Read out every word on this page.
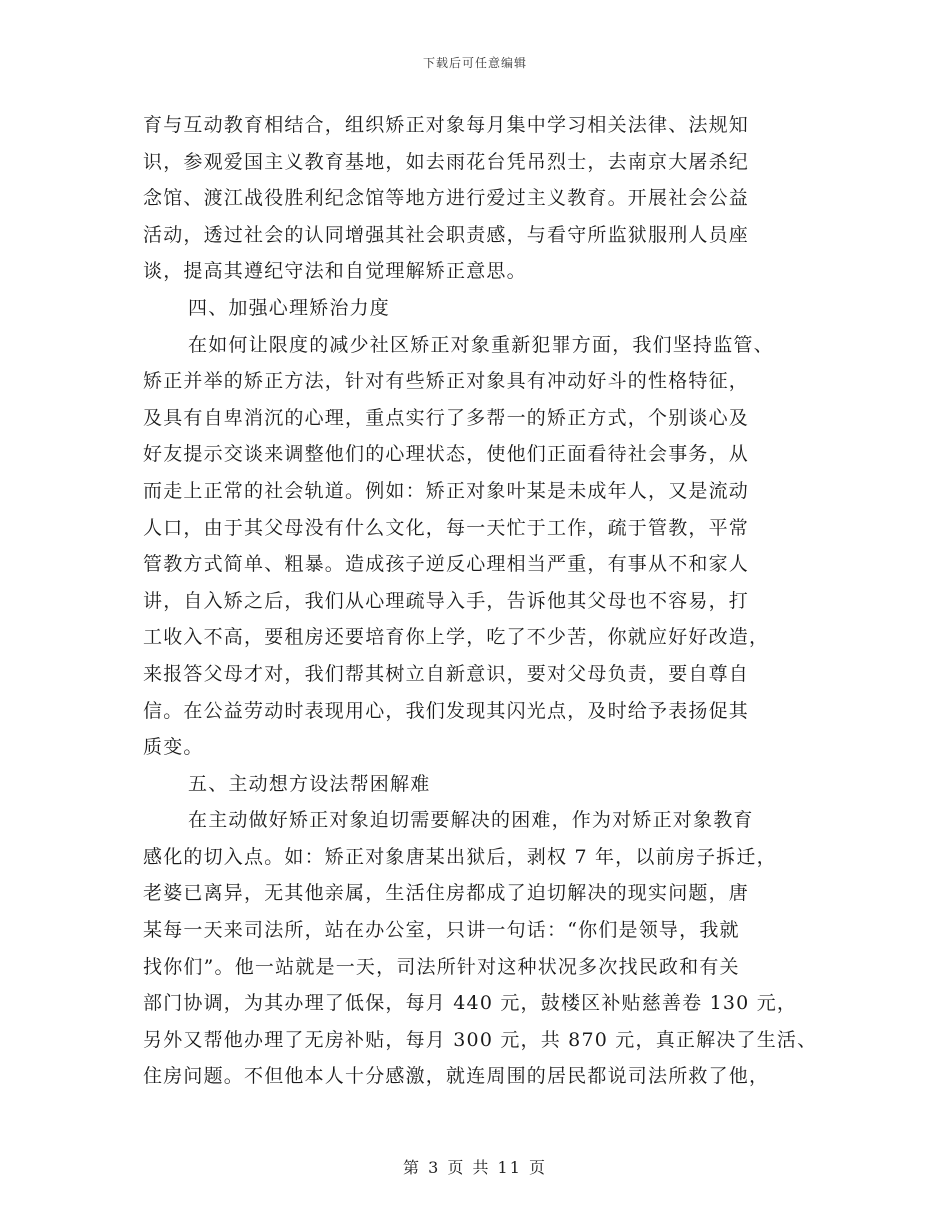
下载后可任意编辑
育与互动教育相结合，组织矫正对象每月集中学习相关法律、法规知
识，参观爱国主义教育基地，如去雨花台凭吊烈士，去南京大屠杀纪
念馆、渡江战役胜利纪念馆等地方进行爱过主义教育。开展社会公益
活动，透过社会的认同增强其社会职责感，与看守所监狱服刑人员座
谈，提高其遵纪守法和自觉理解矫正意思。
四、加强心理矫治力度
在如何让限度的减少社区矫正对象重新犯罪方面，我们坚持监管、
矫正并举的矫正方法，针对有些矫正对象具有冲动好斗的性格特征，
及具有自卑消沉的心理，重点实行了多帮一的矫正方式，个别谈心及
好友提示交谈来调整他们的心理状态，使他们正面看待社会事务，从
而走上正常的社会轨道。例如：矫正对象叶某是未成年人，又是流动
人口，由于其父母没有什么文化，每一天忙于工作，疏于管教，平常
管教方式简单、粗暴。造成孩子逆反心理相当严重，有事从不和家人
讲，自入矫之后，我们从心理疏导入手，告诉他其父母也不容易，打
工收入不高，要租房还要培育你上学，吃了不少苦，你就应好好改造，
来报答父母才对，我们帮其树立自新意识，要对父母负责，要自尊自
信。在公益劳动时表现用心，我们发现其闪光点，及时给予表扬促其
质变。
五、主动想方设法帮困解难
在主动做好矫正对象迫切需要解决的困难，作为对矫正对象教育
感化的切入点。如：矫正对象唐某出狱后，剥权 7 年，以前房子拆迁，
老婆已离异，无其他亲属，生活住房都成了迫切解决的现实问题，唐
某每一天来司法所，站在办公室，只讲一句话：“你们是领导，我就
找你们”。他一站就是一天，司法所针对这种状况多次找民政和有关
部门协调，为其办理了低保，每月 440 元，鼓楼区补贴慈善卷 130 元，
另外又帮他办理了无房补贴，每月 300 元，共 870 元，真正解决了生活、
住房问题。不但他本人十分感激，就连周围的居民都说司法所救了他，
第 3 页 共 11 页
